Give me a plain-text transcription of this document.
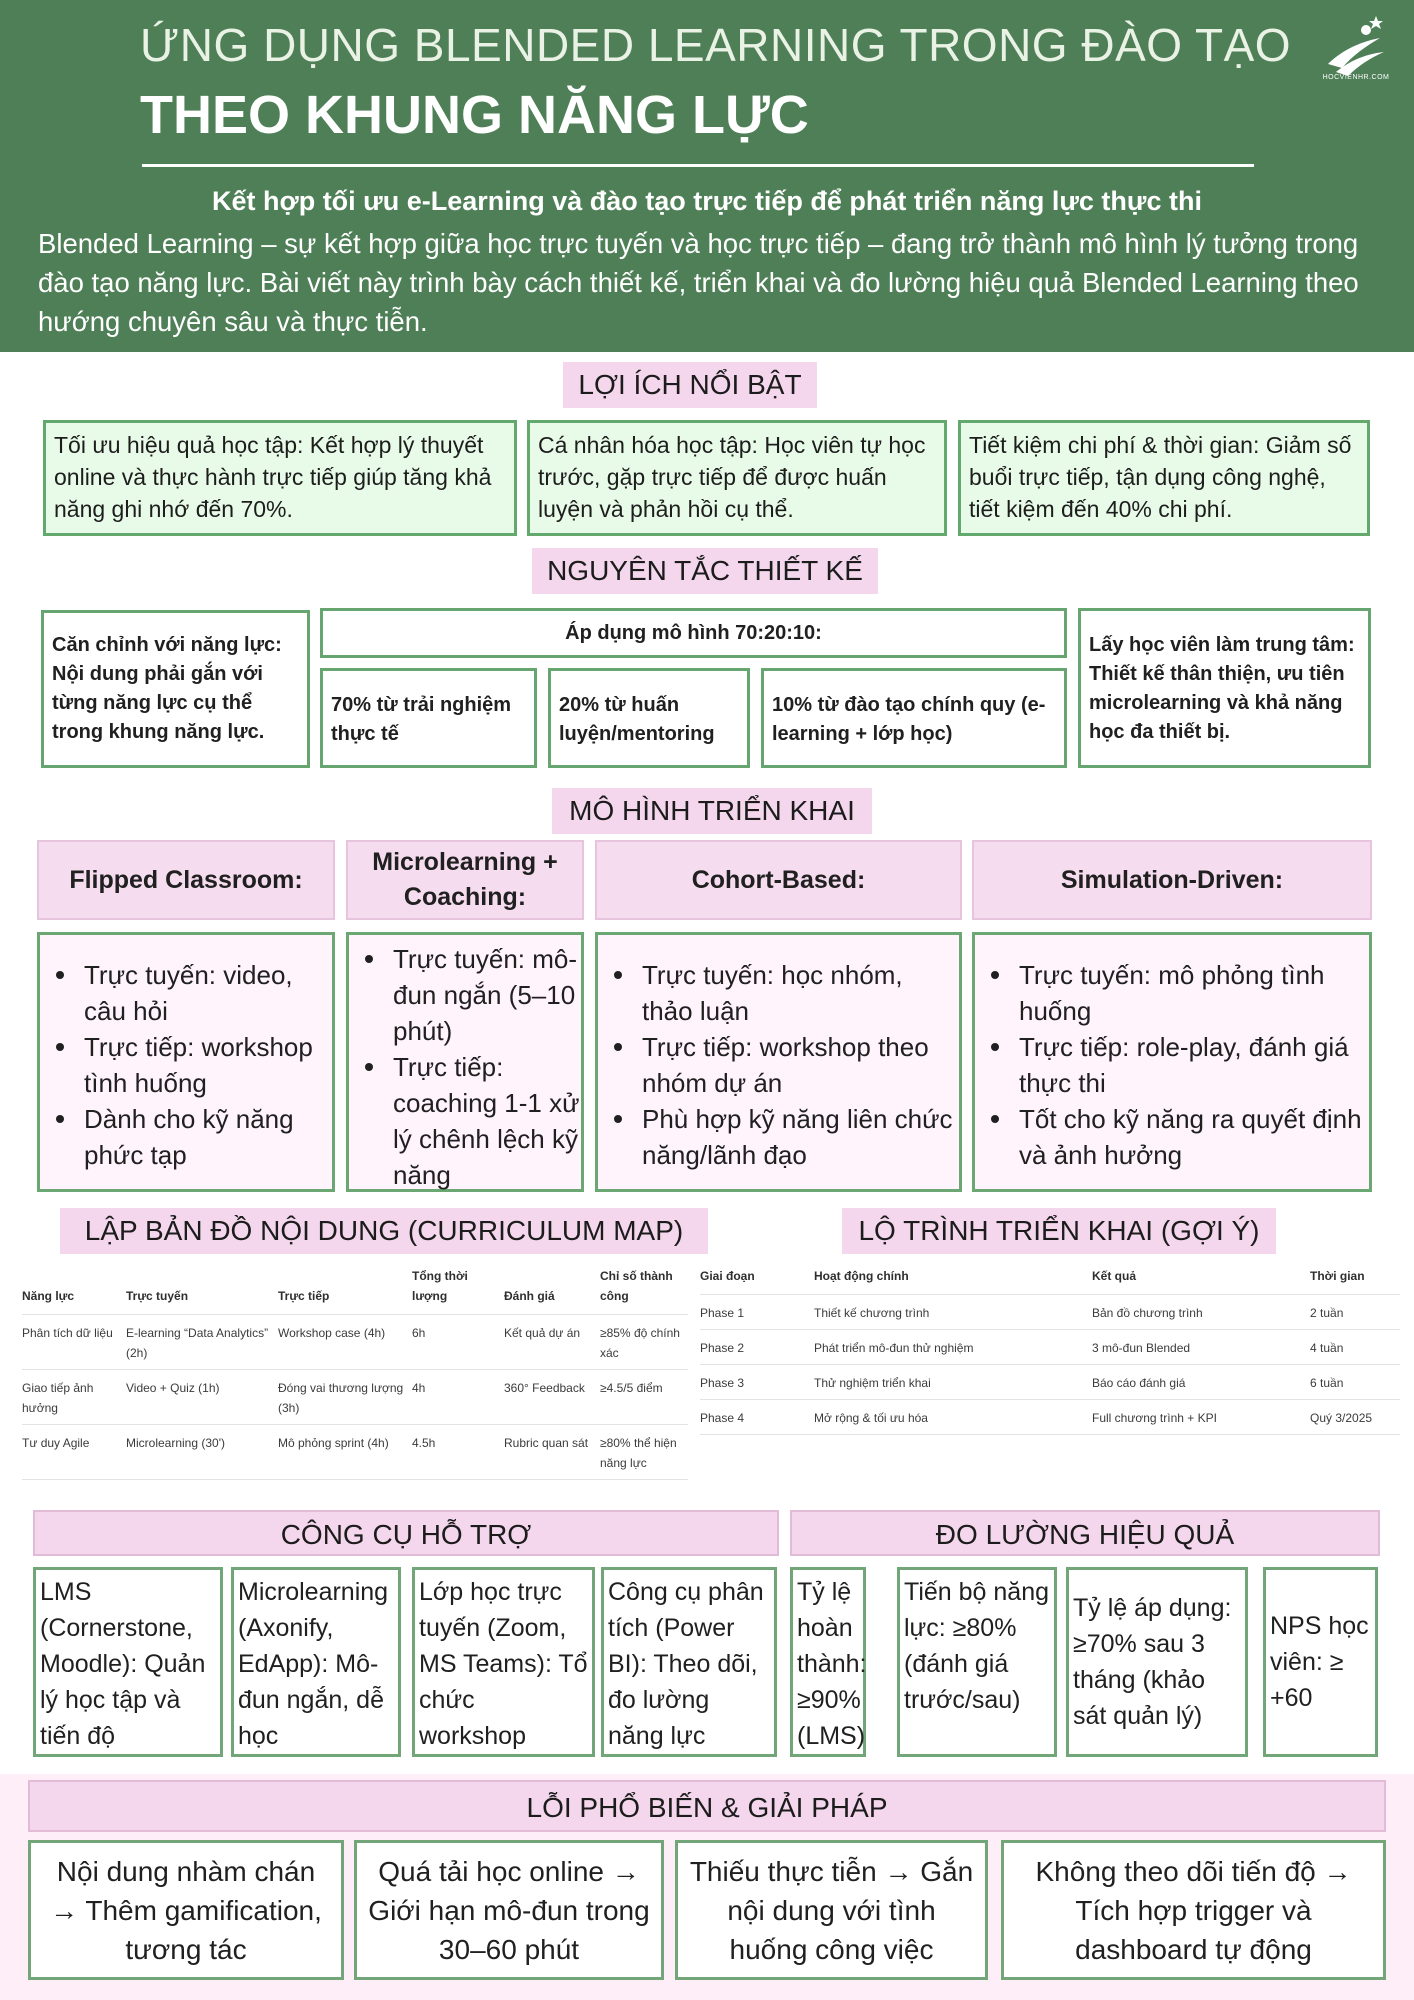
ỨNG DỤNG BLENDED LEARNING TRONG ĐÀO TẠO
THEO KHUNG NĂNG LỰC
HOCVIENHR.COM
Kết hợp tối ưu e-Learning và đào tạo trực tiếp để phát triển năng lực thực thi
Blended Learning – sự kết hợp giữa học trực tuyến và học trực tiếp – đang trở thành mô hình lý tưởng trong đào tạo năng lực. Bài viết này trình bày cách thiết kế, triển khai và đo lường hiệu quả Blended Learning theo hướng chuyên sâu và thực tiễn.
LỢI ÍCH NỔI BẬT
Tối ưu hiệu quả học tập: Kết hợp lý thuyết online và thực hành trực tiếp giúp tăng khả năng ghi nhớ đến 70%.
Cá nhân hóa học tập: Học viên tự học trước, gặp trực tiếp để được huấn luyện và phản hồi cụ thể.
Tiết kiệm chi phí & thời gian: Giảm số buổi trực tiếp, tận dụng công nghệ, tiết kiệm đến 40% chi phí.
NGUYÊN TẮC THIẾT KẾ
Căn chỉnh với năng lực: Nội dung phải gắn với từng năng lực cụ thể trong khung năng lực.
Áp dụng mô hình 70:20:10:
70% từ trải nghiệm thực tế
20% từ huấn luyện/mentoring
10% từ đào tạo chính quy (e-learning + lớp học)
Lấy học viên làm trung tâm: Thiết kế thân thiện, ưu tiên microlearning và khả năng học đa thiết bị.
MÔ HÌNH TRIỂN KHAI
Flipped Classroom:
Microlearning + Coaching:
Cohort-Based:	Simulation-Driven:
Trực tuyến: video, câu hỏi
Trực tiếp: workshop tình huống
Dành cho kỹ năng phức tạp
Trực tuyến: mô-đun ngắn (5–10 phút)
Trực tiếp: coaching 1-1 xử lý chênh lệch kỹ năng
Trực tuyến: học nhóm, thảo luận
Trực tiếp: workshop theo nhóm dự án
Phù hợp kỹ năng liên chức năng/lãnh đạo
Trực tuyến: mô phỏng tình huống
Trực tiếp: role-play, đánh giá thực thi
Tốt cho kỹ năng ra quyết định và ảnh hưởng
LẬP BẢN ĐỒ NỘI DUNG (CURRICULUM MAP)
Năng lực	Trực tuyến	Trực tiếp	Tổng thời lượng	Đánh giá	Chỉ số thành công
Phân tích dữ liệu	E-learning “Data Analytics” (2h)	Workshop case (4h)	6h	Kết quả dự án	≥85% độ chính xác
Giao tiếp ảnh hưởng	Video + Quiz (1h)	Đóng vai thương lượng (3h)	4h	360° Feedback	≥4.5/5 điểm
Tư duy Agile	Microlearning (30')	Mô phỏng sprint (4h)	4.5h	Rubric quan sát	≥80% thể hiện năng lực
LỘ TRÌNH TRIỂN KHAI (GỢI Ý)
Giai đoạn	Hoạt động chính	Kết quả	Thời gian
Phase 1	Thiết kế chương trình	Bản đồ chương trình	2 tuần
Phase 2	Phát triển mô-đun thử nghiệm	3 mô-đun Blended	4 tuần
Phase 3	Thử nghiệm triển khai	Báo cáo đánh giá	6 tuần
Phase 4	Mở rộng & tối ưu hóa	Full chương trình + KPI	Quý 3/2025
CÔNG CỤ HỖ TRỢ
LMS (Cornerstone, Moodle): Quản lý học tập và tiến độ
Microlearning (Axonify, EdApp): Mô-đun ngắn, dễ học
Lớp học trực tuyến (Zoom, MS Teams): Tổ chức workshop
Công cụ phân tích (Power BI): Theo dõi, đo lường năng lực
ĐO LƯỜNG HIỆU QUẢ
Tỷ lệ hoàn thành: ≥90% (LMS)
Tiến bộ năng lực: ≥80% (đánh giá trước/sau)
Tỷ lệ áp dụng: ≥70% sau 3 tháng (khảo sát quản lý)
NPS học viên: ≥ +60
LỖI PHỔ BIẾN & GIẢI PHÁP
Nội dung nhàm chán → Thêm gamification, tương tác
Quá tải học online → Giới hạn mô-đun trong 30–60 phút
Thiếu thực tiễn → Gắn nội dung với tình huống công việc
Không theo dõi tiến độ → Tích hợp trigger và dashboard tự động
